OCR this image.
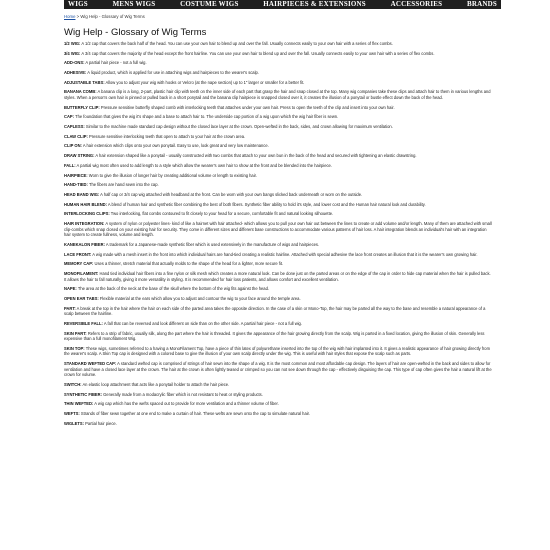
WIGS	MENS WIGS	COSTUME WIGS	HAIRPIECES & EXTENSIONS	ACCESSORIES	BRANDS
Home > Wig Help - Glossary of Wig Terms
Wig Help - Glossary of Wig Terms

1/2 WIG: A 1/2 cap that covers the back half of the head. You can use your own hair to blend up and over the fall. Usually connects easily to your own hair with a series of flex combs.

3/4 WIG: A 3/4 cap that covers the majority of the head except the front hairline. You can use your own hair to blend up and over the fall. Usually connects easily to your own hair with a series of flex combs.

ADD-ONS: A partial hair piece - not a full wig.

ADHESIVE: A liquid product, which is applied for use in attaching wigs and hairpieces to the wearer's scalp.

ADJUSTABLE TABS: Allow you to adjust your wig with hooks or Velcro (at the nape section) up to 1" larger or smaller for a better fit.

BANANA COMB: A banana clip is a long, 2-part, plastic hair clip with teeth on the inner side of each part that grasp the hair and snap closed at the top. Many wig companies take these clips and attach hair to them in various lengths and styles. When a person's own hair is pinned or pulled back in a short ponytail and the banana clip hairpiece is snapped closed over it, it creates the illusion of a ponytail or bustle effect down the back of the head.

BUTTERFLY CLIP: Pressure sensitive butterfly shaped comb with interlocking teeth that attaches under your own hair. Press to open the teeth of the clip and insert into your own hair.

CAP: The foundation that gives the wig it's shape and a base to attach hair to. The underside cap portion of a wig upon which the wig hair fiber is sewn.

CAPLESS: Similar to the machine made standard cap design without the closed lace layer at the crown. Open-wefted in the back, sides, and crown allowing for maximum ventilation.

CLAW CLIP: Pressure sensitive interlocking teeth that open to attach to your hair at the crown area.

CLIP ON: A hair extension which clips onto your own ponytail. Easy to use, look great and very low maintenance.

DRAW STRING: A hair extension shaped like a ponytail - usually constructed with two combs that attach to your own bun in the back of the head and secured with tightening an elastic drawstring.

FALL: A partial wig most often used to add length to a style which allow the wearer's own hair to show at the front and be blended into the hairpiece.

HAIRPIECE: Worn to give the illusion of longer hair by creating additional volume or length to existing hair.

HAND-TIED: The fibers are hand sewn into the cap.

HEAD BAND WIG: A half cap or 3/4 cap wig attached with headband at the front. Can be worn with your own bangs slicked back underneath or worn on the outside.

HUMAN HAIR BLEND: A blend of human hair and synthetic fiber combining the best of both fibers. Synthetic fiber ability to hold it's style, and lower cost and the Human hair natural look and durability.

INTERLOCKING CLIPS: Two interlocking, flat combs contoured to fit closely to your head for a secure, comfortable fit and natural looking silhouette.

HAIR INTEGRATION: A system of nylon or polyester lines- kind of like a hairnet with hair attached- which allows you to pull your own hair out between the lines to create or add volume and/or length. Many of them are attached with small clip-combs which snap closed on your existing hair for security. They come in different sizes and different base constructions to accommodate various patterns of hair loss. A hair integration blends an individual's hair with an integration hair system to create fullness, volume and length.

KANEKALON FIBER: A trademark for a Japanese-made synthetic fiber which is used extensively in the manufacture of wigs and hairpieces.

LACE FRONT: A wig made with a mesh insert in the front into which individual hairs are hand-tied creating a realistic hairline. Attached with special adhesive the lace front creates an illusion that it is the wearer's own growing hair.

MEMORY CAP: Uses a thinner, stretch material that actually molds to the shape of the head for a lighter, more secure fit.

MONOFILAMENT: Hand tied individual hair fibers into a fine nylon or silk mesh which creates a more natural look. Can be done just on the parted areas or on the edge of the cap in order to hide cap material when the hair is pulled back. It allows the hair to fall naturally, giving it more versatility in styling. It is recommended for hair loss patients, and allows comfort and excellent ventilation.

NAPE: The area at the back of the neck at the base of the skull where the bottom of the wig fits against the head.

OPEN EAR TABS: Flexible material at the ears which allow you to adjust and contour the wig to your face around the temple area.

PART: A break at the top in the hair where the hair on each side of the parted area takes the opposite direction. In the case of a skin or Mono-Top, the hair may be parted all the way to the base and resemble a natural appearance of a scalp between the hairline.

REVERSIBLE FALL: A fall that can be reversed and look different on side than on the other side. A partial hair piece - not a full wig.

SKIN PART: Refers to a strip of fabric, usually silk, along the part where the hair is threaded. It gives the appearance of the hair growing directly from the scalp. Wig is parted in a fixed location, giving the illusion of skin. Generally less expensive than a full monofilament Wig.

SKIN TOP: These wigs, sometimes referred to a having a MonoFilament Top, have a piece of thin latex of polyurethane inserted into the top of the wig with hair implanted into it. It gives a realistic appearance of hair growing directly from the wearer's scalp. A Skin Top cap is designed with a colored base to give the illusion of your own scalp directly under the wig. This is useful with hair styles that expose the scalp such as parts.

STANDARD WEFTED CAP: A standard wefted cap is comprised of strings of hair sewn into the shape of a wig. It is the most common and most affordable cap design. The layers of hair are open-wefted in the back and sides to allow for ventilation and have a closed lace layer at the crown. The hair at the crown is often lightly teased or crimped so you can not see down through the cap - effectively disguising the cap. This type of cap often gives the hair a natural lift at the crown for volume.

SWITCH: An elastic loop attachment that acts like a ponytail holder to attach the hair piece.

SYNTHETIC FIBER: Generally made from a modacrylic fiber which is not resistant to heat or styling products.

THIN WEFTED: A wig cap which has the wefts spaced out to provide for more ventilation and a thinner volume of fiber.

WEFTS: Strands of fiber sewn together at one end to make a curtain of hair. These wefts are sewn onto the cap to simulate natural hair.

WIGLETS: Partial hair piece.
